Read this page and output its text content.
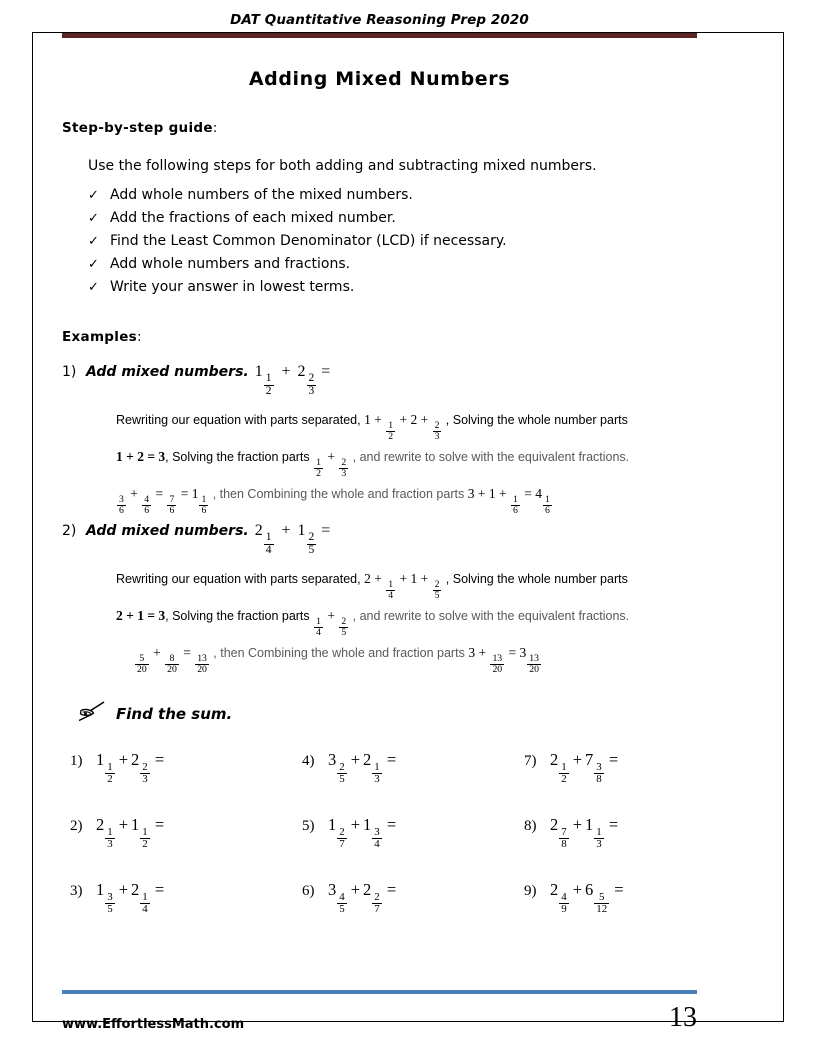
DAT Quantitative Reasoning Prep 2020
Adding Mixed Numbers
Step-by-step guide:
Use the following steps for both adding and subtracting mixed numbers.
✓ Add whole numbers of the mixed numbers.
✓ Add the fractions of each mixed number.
✓ Find the Least Common Denominator (LCD) if necessary.
✓ Add whole numbers and fractions.
✓ Write your answer in lowest terms.
Examples:
1) Add mixed numbers. 1
$\frac{1}{2}$
+ 2
$\frac{2}{3}$
=
Rewriting our equation with parts separated, 1 +
$\frac{1}{2}$
+ 2 +
$\frac{2}{3}$
, Solving the whole number parts
1 + 2 = 3, Solving the fraction parts
$\frac{1}{2}$
+
$\frac{2}{3}$
, and rewrite to solve with the equivalent fractions.
$\frac{3}{6}$
+
$\frac{4}{6}$
=
$\frac{7}{6}$
= 1
$\frac{1}{6}$
, then Combining the whole and fraction parts 3 + 1 +
$\frac{1}{6}$
= 4
$\frac{1}{6}$
2) Add mixed numbers. 2
$\frac{1}{4}$
+ 1
$\frac{2}{5}$
=
Rewriting our equation with parts separated, 2 +
$\frac{1}{4}$
+ 1 +
$\frac{2}{5}$
, Solving the whole number parts
2 + 1 = 3, Solving the fraction parts
$\frac{1}{4}$
+
$\frac{2}{5}$
, and rewrite to solve with the equivalent fractions.
$\frac{5}{20}$
+
$\frac{8}{20}$
=
$\frac{13}{20}$
, then Combining the whole and fraction parts 3 +
$\frac{13}{20}$
= 3
$\frac{13}{20}$
Find the sum.
1) 1
$\frac{1}{2}$
+ 2
$\frac{2}{3}$
=	4) 3
$\frac{2}{5}$
+ 2
$\frac{1}{3}$
=	7) 2
$\frac{1}{2}$
+ 7
$\frac{3}{8}$
=
2) 2
$\frac{1}{3}$
+ 1
$\frac{1}{2}$
=	5) 1
$\frac{2}{7}$
+ 1
$\frac{3}{4}$
=	8) 2
$\frac{7}{8}$
+ 1
$\frac{1}{3}$
=
3) 1
$\frac{3}{5}$
+ 2
$\frac{1}{4}$
=	6) 3
$\frac{4}{5}$
+ 2
$\frac{2}{7}$
=	9) 2
$\frac{4}{9}$
+ 6
$\frac{5}{12}$
=
www.EffortlessMath.com	13
